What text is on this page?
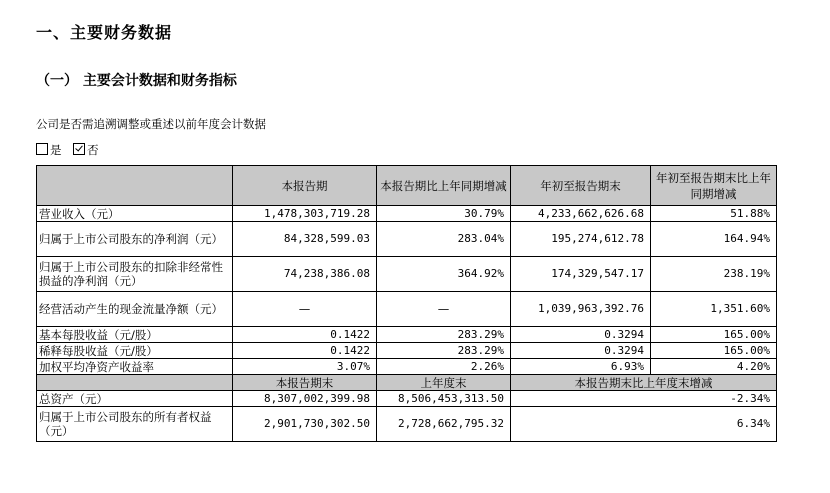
一、主要财务数据
（一） 主要会计数据和财务指标
公司是否需追溯调整或重述以前年度会计数据
是 否
	本报告期	本报告期比上年同期增减	年初至报告期末	年初至报告期末比上年同期增减
营业收入（元）	1,478,303,719.28	30.79%	4,233,662,626.68	51.88%
归属于上市公司股东的净利润（元）	84,328,599.03	283.04%	195,274,612.78	164.94%
归属于上市公司股东的扣除非经常性损益的净利润（元）	74,238,386.08	364.92%	174,329,547.17	238.19%
经营活动产生的现金流量净额（元）	—	—	1,039,963,392.76	1,351.60%
基本每股收益（元/股）	0.1422	283.29%	0.3294	165.00%
稀释每股收益（元/股）	0.1422	283.29%	0.3294	165.00%
加权平均净资产收益率	3.07%	2.26%	6.93%	4.20%
	本报告期末	上年度末	本报告期末比上年度末增减	
总资产（元）	8,307,002,399.98	8,506,453,313.50	-2.34%	
归属于上市公司股东的所有者权益（元）	2,901,730,302.50	2,728,662,795.32	6.34%	
